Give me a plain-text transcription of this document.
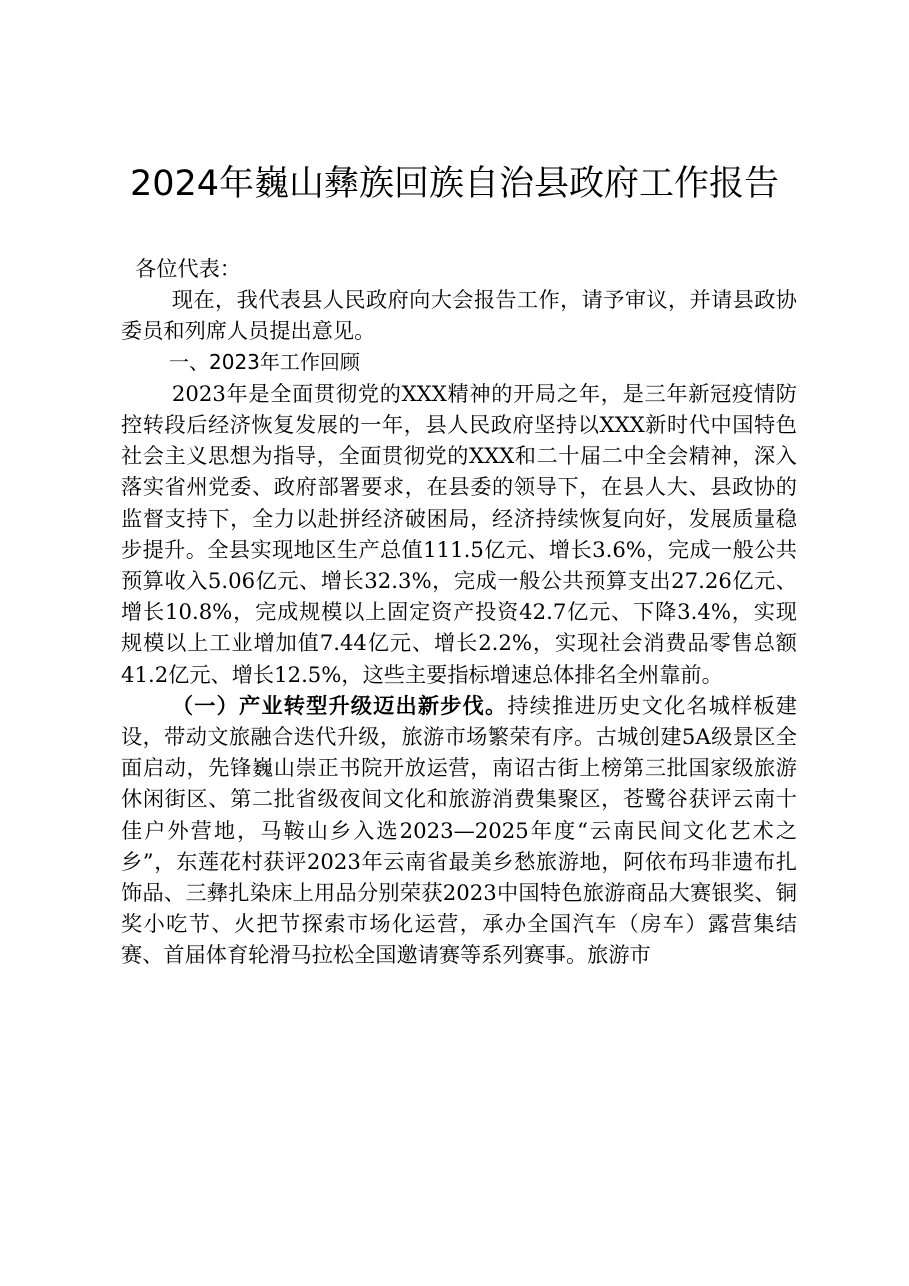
2024年巍山彝族回族自治县政府工作报告

各位代表：

现在，我代表县人民政府向大会报告工作，请予审议，并请县政协委员和列席人员提出意见。

一、2023年工作回顾

2023年是全面贯彻党的XXX精神的开局之年，是三年新冠疫情防控转段后经济恢复发展的一年，县人民政府坚持以XXX新时代中国特色社会主义思想为指导，全面贯彻党的XXX和二十届二中全会精神，深入落实省州党委、政府部署要求，在县委的领导下，在县人大、县政协的监督支持下，全力以赴拼经济破困局，经济持续恢复向好，发展质量稳步提升。全县实现地区生产总值111.5亿元、增长3.6%，完成一般公共预算收入5.06亿元、增长32.3%，完成一般公共预算支出27.26亿元、增长10.8%，完成规模以上固定资产投资42.7亿元、下降3.4%，实现规模以上工业增加值7.44亿元、增长2.2%，实现社会消费品零售总额41.2亿元、增长12.5%，这些主要指标增速总体排名全州靠前。

（一）产业转型升级迈出新步伐。持续推进历史文化名城样板建设，带动文旅融合迭代升级，旅游市场繁荣有序。古城创建5A级景区全面启动，先锋巍山崇正书院开放运营，南诏古街上榜第三批国家级旅游休闲街区、第二批省级夜间文化和旅游消费集聚区，苍鹭谷获评云南十佳户外营地，马鞍山乡入选2023—2025年度“云南民间文化艺术之乡”，东莲花村获评2023年云南省最美乡愁旅游地，阿依布玛非遗布扎饰品、三彝扎染床上用品分别荣获2023中国特色旅游商品大赛银奖、铜奖小吃节、火把节探索市场化运营，承办全国汽车（房车）露营集结赛、首届体育轮滑马拉松全国邀请赛等系列赛事。旅游市
